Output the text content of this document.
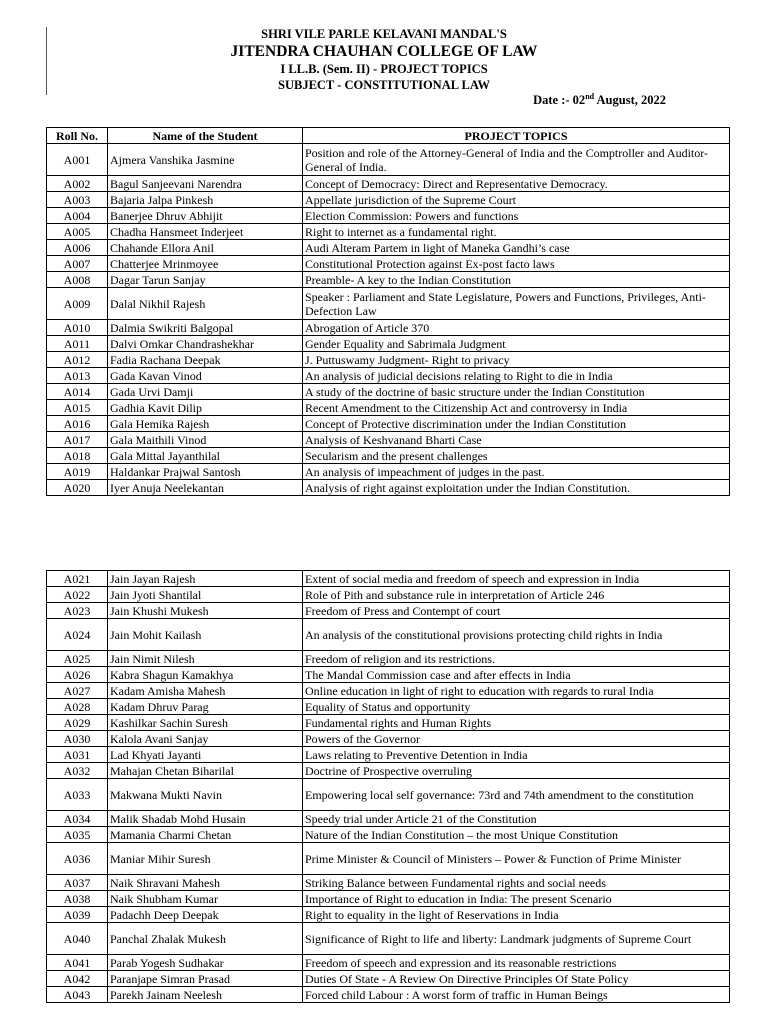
SHRI VILE PARLE KELAVANI MANDAL'S
JITENDRA CHAUHAN COLLEGE OF LAW
I LL.B. (Sem. II) - PROJECT TOPICS
SUBJECT - CONSTITUTIONAL LAW
Date :- 02nd August, 2022
Roll No.	Name of the Student	PROJECT TOPICS
A001	Ajmera Vanshika Jasmine	Position and role of the Attorney-General of India and the Comptroller and Auditor-General of India.
A002	Bagul Sanjeevani Narendra	Concept of Democracy: Direct and Representative Democracy.
A003	Bajaria Jalpa Pinkesh	Appellate jurisdiction of the Supreme Court
A004	Banerjee Dhruv Abhijit	Election Commission: Powers and functions
A005	Chadha Hansmeet Inderjeet	Right to internet as a fundamental right.
A006	Chahande Ellora Anil	Audi Alteram Partem in light of Maneka Gandhi’s case
A007	Chatterjee Mrinmoyee	Constitutional Protection against Ex-post facto laws
A008	Dagar Tarun Sanjay	Preamble- A key to the Indian Constitution
A009	Dalal Nikhil Rajesh	Speaker : Parliament and State Legislature, Powers and Functions, Privileges, Anti-Defection Law
A010	Dalmia Swikriti Balgopal	Abrogation of Article 370
A011	Dalvi Omkar Chandrashekhar	Gender Equality and Sabrimala Judgment
A012	Fadia Rachana Deepak	J. Puttuswamy Judgment- Right to privacy
A013	Gada Kavan Vinod	An analysis of judicial decisions relating to Right to die in India
A014	Gada Urvi Damji	A study of the doctrine of basic structure under the Indian Constitution
A015	Gadhia Kavit Dilip	Recent Amendment to the Citizenship Act and controversy in India
A016	Gala Hemika Rajesh	Concept of Protective discrimination under the Indian Constitution
A017	Gala Maithili Vinod	Analysis of Keshvanand Bharti Case
A018	Gala Mittal Jayanthilal	Secularism and the present challenges
A019	Haldankar Prajwal Santosh	An analysis of impeachment of judges in the past.
A020	Iyer Anuja Neelekantan	Analysis of right against exploitation under the Indian Constitution.
A021	Jain Jayan Rajesh	Extent of social media and freedom of speech and expression in India
A022	Jain Jyoti Shantilal	Role of Pith and substance rule in interpretation of Article 246
A023	Jain Khushi Mukesh	Freedom of Press and Contempt of court
A024	Jain Mohit Kailash	An analysis of the constitutional provisions protecting child rights in India
A025	Jain Nimit Nilesh	Freedom of religion and its restrictions.
A026	Kabra Shagun Kamakhya	The Mandal Commission case and after effects in India
A027	Kadam Amisha Mahesh	Online education in light of right to education with regards to rural India
A028	Kadam Dhruv Parag	Equality of Status and opportunity
A029	Kashilkar Sachin Suresh	Fundamental rights and Human Rights
A030	Kalola Avani Sanjay	Powers of the Governor
A031	Lad Khyati Jayanti	Laws relating to Preventive Detention in India
A032	Mahajan Chetan Biharilal	Doctrine of Prospective overruling
A033	Makwana Mukti Navin	Empowering local self governance: 73rd and 74th amendment to the constitution
A034	Malik Shadab Mohd Husain	Speedy trial under Article 21 of the Constitution
A035	Mamania Charmi Chetan	Nature of the Indian Constitution – the most Unique Constitution
A036	Maniar Mihir Suresh	Prime Minister & Council of Ministers – Power & Function of Prime Minister
A037	Naik Shravani Mahesh	Striking Balance between Fundamental rights and social needs
A038	Naik Shubham Kumar	Importance of Right to education in India: The present Scenario
A039	Padachh Deep Deepak	Right to equality in the light of Reservations in India
A040	Panchal Zhalak Mukesh	Significance of Right to life and liberty: Landmark judgments of Supreme Court
A041	Parab Yogesh Sudhakar	Freedom of speech and expression and its reasonable restrictions
A042	Paranjape Simran Prasad	Duties Of State - A Review On Directive Principles Of State Policy
A043	Parekh Jainam Neelesh	Forced child Labour : A worst form of traffic in Human Beings
